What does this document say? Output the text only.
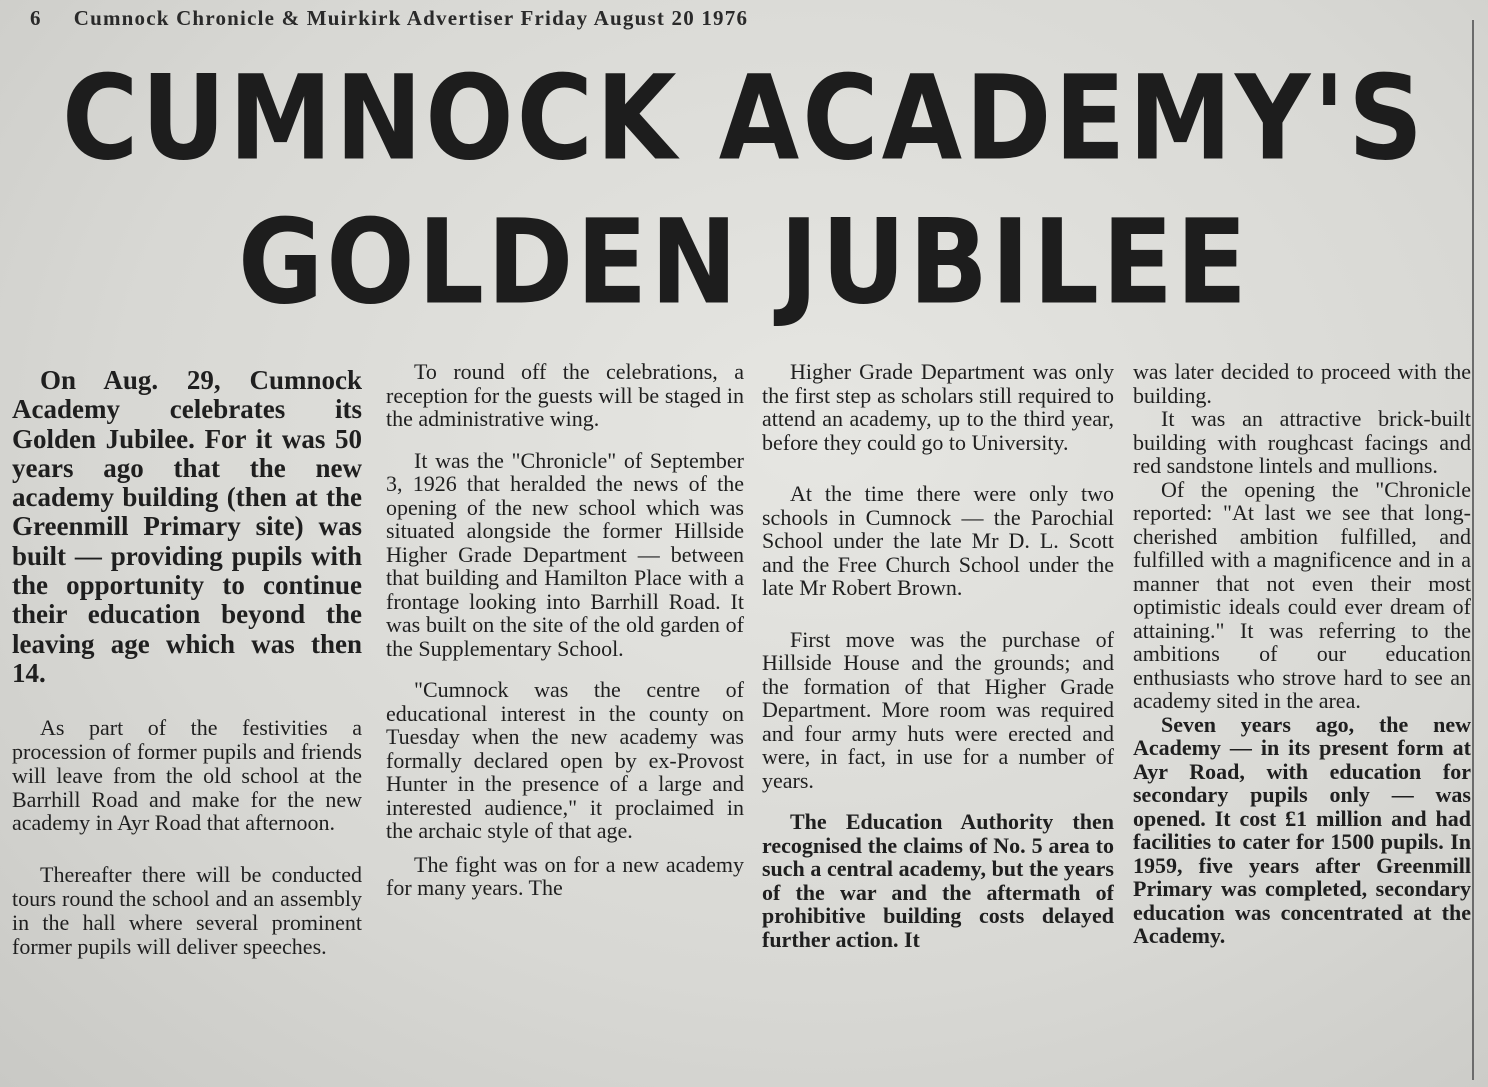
6 Cumnock Chronicle & Muirkirk Advertiser Friday August 20 1976
CUMNOCK ACADEMY'S
GOLDEN JUBILEE

On Aug. 29, Cumnock Academy celebrates its Golden Jubilee. For it was 50 years ago that the new academy building (then at the Greenmill Primary site) was built — providing pupils with the opportunity to continue their education beyond the leaving age which was then 14.

As part of the festivities a procession of former pupils and friends will leave from the old school at the Barrhill Road and make for the new academy in Ayr Road that afternoon.

Thereafter there will be conducted tours round the school and an assembly in the hall where several prominent former pupils will deliver speeches.

To round off the celebrations, a reception for the guests will be staged in the administrative wing.

It was the "Chronicle" of September 3, 1926 that heralded the news of the opening of the new school which was situated alongside the former Hillside Higher Grade Department — between that building and Hamilton Place with a frontage looking into Barrhill Road. It was built on the site of the old garden of the Supplementary School.

"Cumnock was the centre of educational interest in the county on Tuesday when the new academy was formally declared open by ex-Provost Hunter in the presence of a large and interested audience," it proclaimed in the archaic style of that age.

The fight was on for a new academy for many years. The

Higher Grade Department was only the first step as scholars still required to attend an academy, up to the third year, before they could go to University.

At the time there were only two schools in Cumnock — the Parochial School under the late Mr D. L. Scott and the Free Church School under the late Mr Robert Brown.

First move was the purchase of Hillside House and the grounds; and the formation of that Higher Grade Department. More room was required and four army huts were erected and were, in fact, in use for a number of years.

The Education Authority then recognised the claims of No. 5 area to such a central academy, but the years of the war and the aftermath of prohibitive building costs delayed further action. It

was later decided to proceed with the building.

It was an attractive brick-built building with roughcast facings and red sandstone lintels and mullions.

Of the opening the "Chronicle reported: "At last we see that long-cherished ambition fulfilled, and fulfilled with a magnificence and in a manner that not even their most optimistic ideals could ever dream of attaining." It was referring to the ambitions of our education enthusiasts who strove hard to see an academy sited in the area.

Seven years ago, the new Academy — in its present form at Ayr Road, with education for secondary pupils only — was opened. It cost £1 million and had facilities to cater for 1500 pupils. In 1959, five years after Greenmill Primary was completed, secondary education was concentrated at the Academy.
